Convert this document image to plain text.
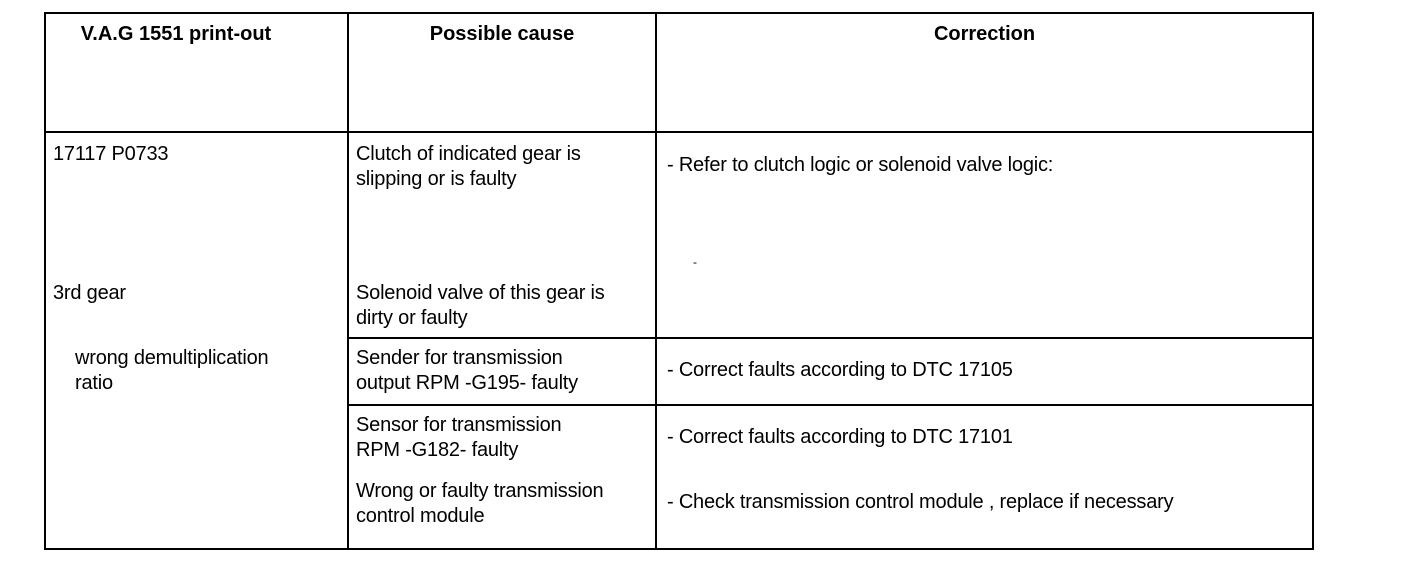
V.A.G 1551 print-out	Possible cause	Correction
17117 P0733
3rd gear
wrong demultiplication
ratio
Clutch of indicated gear is
slipping or is faulty
Solenoid valve of this gear is
dirty or faulty
Sender for transmission
output RPM -G195- faulty
Sensor for transmission
RPM -G182- faulty
Wrong or faulty transmission
control module
- Refer to clutch logic or solenoid valve logic:
-
- Correct faults according to DTC 17105
- Correct faults according to DTC 17101
- Check transmission control module , replace if necessary
